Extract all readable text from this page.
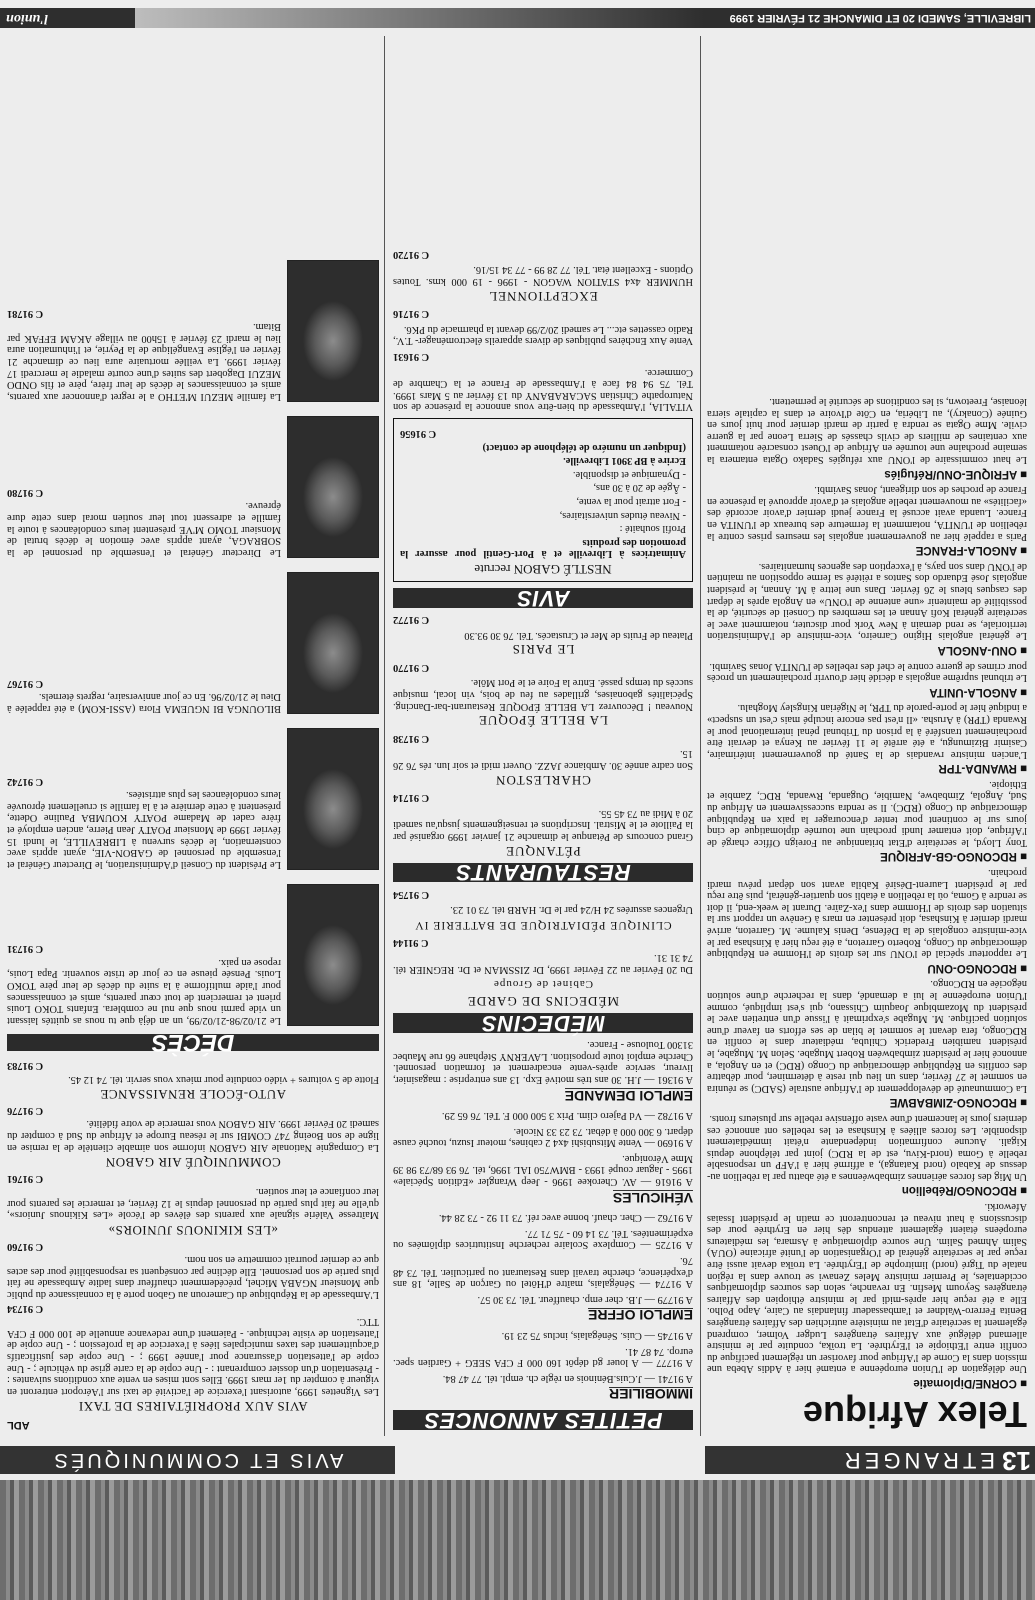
13
ETRANGER
AVIS ET COMMUNIQUÉS
Telex Afrique
■ CORNE/Diplomatie

Une délégation de l'Union européenne a entamé hier à Addis Abeba une mission dans la Corne de l'Afrique pour favoriser un règlement pacifique du conflit entre l'Ethiopie et l'Erythrée. La troïka, conduite par le ministre allemand délégué aux Affaires étrangères Ludger Volmer, comprend également la secrétaire d'Etat au ministère autrichien des Affaires étrangères Benita Ferrero-Waldner et l'ambassadeur finlandais au Caire, Aapo Polho. Elle a été reçue hier après-midi par le ministre éthiopien des Affaires étrangères Seyoum Mesfin. En revanche, selon des sources diplomatiques occidentales, le Premier ministre Meles Zenawi se trouve dans la région natale du Tigré (nord) limitrophe de l'Erythrée. La troïka devait aussi être reçue par le secrétaire général de l'Organisation de l'unité africaine (OUA) Salim Ahmed Salim. Une source diplomatique à Asmara, les médiateurs européens étaient également attendus dès hier en Erythrée pour des discussions à haut niveau et rencontreront ce matin le président Issaias Afeworki.

■ RDCONGO/Rébellion

Un Mig des forces aériennes zimbabwéennes a été abattu par la rébellion au-dessus de Kabalo (nord Katanga), a affirmé hier à l'AFP un responsable rebelle à Goma (nord-Kivu, est de la RDC) joint par téléphone depuis Kigali. Aucune confirmation indépendante n'était immédiatement disponible. Les forces alliées à Kinshasa et les rebelles ont annoncé ces derniers jours le lancement d'une vaste offensive rebelle sur plusieurs fronts.

■ RDCONGO-ZIMBABWE

La Communauté de développement de l'Afrique australe (SADC) se réunira en sommet le 27 février, dans un lieu qui reste à déterminer, pour débattre des conflits en République démocratique du Congo (RDC) et en Angola, a annoncé hier le président zimbabwéen Robert Mugabe. Selon M. Mugabe, le président namibien Frederick Chiluba, médiateur dans le conflit en RDCongo, fera devant le sommet le bilan de ses efforts en faveur d'une solution pacifique. M. Mugabe s'exprimait à l'issue d'un entretien avec le président du Mozambique Joaquim Chissano, qui s'est impliqué, comme l'Union européenne le lui a demandé, dans la recherche d'une solution négociée en RDCongo.

■ RDCONGO-ONU

Le rapporteur spécial de l'ONU sur les droits de l'Homme en République démocratique du Congo, Roberto Garreton, a été reçu hier à Kinshasa par le vice-ministre congolais de la Défense, Denis Kalume. M. Garreton, arrivé mardi dernier à Kinshasa, doit présenter en mars à Genève un rapport sur la situation des droits de l'Homme dans l'ex-Zaïre. Durant le week-end, il doit se rendre à Goma, où la rébellion a établi son quartier-général, puis être reçu par le président Laurent-Désiré Kabila avant son départ prévu mardi prochain.

■ RDCONGO-GB-AFRIQUE

Tony Lloyd, le secrétaire d'Etat britannique au Foreign Office chargé de l'Afrique, doit entamer lundi prochain une tournée diplomatique de cinq jours sur le continent pour tenter d'encourager la paix en République démocratique du Congo (RDC). Il se rendra successivement en Afrique du Sud, Angola, Zimbabwe, Namibie, Ouganda, Rwanda, RDC, Zambie et Ethiopie.

■ RWANDA-TPR

L'ancien ministre rwandais de la Santé du gouvernement intérimaire, Casimir Bizimungu, a été arrêté le 11 février au Kenya et devrait être prochainement transféré à la prison du Tribunal pénal international pour le Rwanda (TPR) à Arusha. «Il n'est pas encore inculpé mais c'est un suspect» a indiqué hier le porte-parole du TPR, le Nigérian Kingsley Moghalu.

■ ANGOLA-UNITA

Le tribunal suprême angolais a décidé hier d'ouvrir prochainement un procès pour crimes de guerre contre le chef des rebelles de l'UNITA Jonas Savimbi.

■ ONU-ANGOLA

Le général angolais Higino Carneiro, vice-ministre de l'Administration territoriale, se rend demain à New York pour discuter, notamment avec le secrétaire général Kofi Annan et les membres du Conseil de sécurité, de la possibilité de maintenir «une antenne de l'ONU» en Angola après le départ des casques bleus le 26 février. Dans une lettre à M. Annan, le président angolais José Eduardo dos Santos a réitéré sa ferme opposition au maintien de l'ONU dans son pays, à l'exception des agences humanitaires.

■ ANGOLA-FRANCE

Paris a rappelé hier au gouvernement angolais les mesures prises contre la rébellion de l'UNITA, notamment la fermeture des bureaux de l'UNITA en France. Luanda avait accusé la France jeudi dernier d'avoir accordé des «facilités» au mouvement rebelle angolais et d'avoir approuvé la présence en France de proches de son dirigeant, Jonas Savimbi.

■ AFRIQUE-ONU/Réfugiés

Le haut commissaire de l'ONU aux réfugiés Sadako Ogata entamera la semaine prochaine une tournée en Afrique de l'Ouest consacrée notamment aux centaines de milliers de civils chassés de Sierra Leone par la guerre civile. Mme Ogata se rendra à partir de mardi dernier pour huit jours en Guinée (Conakry), au Libéria, en Côte d'Ivoire et dans la capitale sierra léonaise, Freetown, si les conditions de sécurité le permettent.

PETITES ANNONCES
IMMOBILIER

A 91741 — J.Cuis.Béninois en règle ch. empl. tél. 77 47 84.

A 91777 — A louer gd dépôt 160 000 F CFA SEEG + Gardien spec. europ. 74 87 41.

A 91745 — Cuis. Sénégalais, inclus 75 23 19.

EMPLOI OFFRE

A 91779 — J.B. cher emp. chauffeur. Tél. 73 30 57.

A 91774 — Sénégalais, maître d'Hôtel ou Garçon de Salle, 18 ans d'expérience, cherche travail dans Restaurant ou particulier. Tél. 73 48 76.

A 91725 — Complexe Scolaire recherche Institutrices diplômées ou expérimentées. Tél. 73 14 60 - 75 71 77.

A 91762 — Cher. chauf. bonne avec réf. 73 11 92 - 73 28 44.

VÉHICULES

A 91616 — AV. Cherokee 1996 - Jeep Wrangler «Edition Spéciale» 1995 - Jaguar coupé 1993 - BMW750 IAL 1996, tél. 76 93 68/73 98 39 Mme Véronique.

A 91690 — Vente Mitsubishi 4x4 2 cabines, moteur Isuzu, touché cause départ. 6 300 000 à débat. 73 23 33 Nicole.

A 91782 — Vd Pajero clim. Prix 3 500 000 F. Tél. 76 65 29.

EMPLOI DEMANDE

A 91361 — J.H. 30 ans très motivé Exp. 13 ans entreprise : magasinier, livreur, service après-vente encadrement et formation personnel. Cherche emploi toute proposition. LAVERNY Stéphane 66 rue Maubec 31300 Toulouse - France.

MÉDECINS
MÉDECINS DE GARDE
Cabinet de Groupe

Du 20 Février au 22 Février 1999, Dr ZISSMAN et Dr. REGNIER tél. 74 31 31.

C 91144

CLINIQUE PÉDIATRIQUE DE BATTERIE IV

Urgences assurées 24 H/24 par le Dr. HARB tél. 73 01 23.

C 91754

RESTAURANTS
PÉTANQUE

Grand concours de Pétanque le dimanche 21 janvier 1999 organisé par la Paillote et le Mistral. Inscriptions et renseignements jusqu'au samedi 20 à Midi au 73 45 55.

C 91714

CHARLESTON

Son cadre année 30. Ambiance JAZZ. Ouvert midi et soir lun. rés 76 26 15.

C 91738

LA BELLE ÉPOQUE

Nouveau ! Découvrez LA BELLE ÉPOQUE Restaurant-bar-Dancing. Spécialités gabonaises, grillades au feu de bois, vin local, musique succès du temps passé. Entre la Foire et le Port Môle.

C 91770

LE PARIS

Plateau de Fruits de Mer et Crustacés. Tél. 76 30 93.30

C 91772

AVIS
NESTLÉ GABON recrute

Animatrices à Libreville et à Port-Gentil pour assurer la promotion des produits

Profil souhaité :

- Niveau études universitaires,

- Fort attrait pour la vente,

- Âgée de 20 à 30 ans,

- Dynamique et disponible.

Ecrire à BP 3901 Libreville.

(Indiquer un numéro de téléphone de contact)

C 91656

VITALIA, l'Ambassade du bien-être vous annonce la présence de son Naturopathe Christian SACARABANY du 13 février au 5 Mars 1999. Tél. 75 94 84 face à l'Ambassade de France et la Chambre de Commerce.

C 91631

Vente Aux Enchères publiques de divers appareils électroménager- T.V., Radio cassettes etc... Le samedi 20/2/99 devant la pharmacie du PK6.

C 91716

EXCEPTIONNEL

HUMMER 4x4 STATION WAGON - 1996 - 19 000 kms. Toutes Options - Excellent état. Tél. 77 28 99 - 77 34 15/16.

C 91720

ADL
AVIS AUX PROPRIÉTAIRES DE TAXI

Les Vignettes 1999, autorisant l'exercice de l'activité de taxi sur l'Aéroport entreront en vigueur à compter du 1er mars 1999. Elles sont mises en vente aux conditions suivantes : - Présentation d'un dossier comprenant : - Une copie de la carte grise du véhicule ; - Une copie de l'attestation d'assurance pour l'année 1999 ; - Une copie des justificatifs d'acquittement des taxes municipales liées à l'exercice de la profession ; - Une copie de l'attestation de visite technique. - Paiement d'une redevance annuelle de 100 000 F CFA TTC.

C 91734

L'Ambassade de la République du Cameroun au Gabon porte à la connaissance du public que Monsieur NGABA Michel, précédemment chauffeur dans ladite Ambassade ne fait plus partie de son personnel. Elle décline par conséquent sa responsabilité pour des actes que ce dernier pourrait commettre en son nom.

C 91760

«LES KIKINOUS JUNIORS»

Maîtresse Valérie signale aux parents des élèves de l'école «Les Kikinous Juniors», qu'elle ne fait plus partie du personnel depuis le 12 février, et remercie les parents pour leur confiance et leur soutien.

C 91761

COMMUNIQUÉ AIR GABON

La Compagnie Nationale AIR GABON informe son aimable clientèle de la remise en ligne de son Boeing 747 COMBI sur le réseau Europe et Afrique du Sud à compter du samedi 20 Février 1999. AIR GABON vous remercie de votre fidélité.

C 91776

AUTO-ÉCOLE RENAISSANCE

Flotte de 5 voitures + vidéo conduite pour mieux vous servir. tél. 74 12 45.

C 91783

DÉCÈS

Le 21/02/98-21/02/99, un an déjà que tu nous as quittés laissant un vide parmi nous que nul ne comblera. Enfants TOKO Louis prient et remercient de tout cœur parents, amis et connaissances pour l'aide multiforme à la suite du décès de leur père TOKO Louis. Pensée pieuse en ce jour de triste souvenir. Papa Louis, repose en paix.

C 91731

Le Président du Conseil d'Administration, le Directeur Général et l'ensemble du personnel de GABON-VIE, ayant appris avec consternation, le décès survenu à LIBREVILLE, le lundi 15 février 1999 de Monsieur POATY Jean Pierre, ancien employé et frère cadet de Madame POATY KOUMBA Pauline Odette, présentent à cette dernière et à la famille si cruellement éprouvée leurs condoléances les plus attristées.

C 91742

BILOUNGA BI NGUEMA Flora (ASSI-KOM) a été rappelée à Dieu le 21/02/96. En ce jour anniversaire, regrets éternels.

C 91767

Le Directeur Général et l'ensemble du personnel de la SOBRAGA, ayant appris avec émotion le décès brutal de Monsieur TOMO M'VE présentent leurs condoléances à toute la famille et adressent tout leur soutien moral dans cette dure épreuve.

C 91780

La famille MEZUI M'ETHO a le regret d'annoncer aux parents, amis et connaissances le décès de leur frère, père et fils ONDO MEZUI Dagobert des suites d'une courte maladie le mercredi 17 février 1999. La veillée mortuaire aura lieu ce dimanche 21 février en l'église Evangélique de la Peyrie, et l'inhumation aura lieu le mardi 23 février à 15h00 au village AKAM EFFAK par Bitam.

C 91781

LIBREVILLE, SAMEDI 20 ET DIMANCHE 21 FÉVRIER 1999
l'union
